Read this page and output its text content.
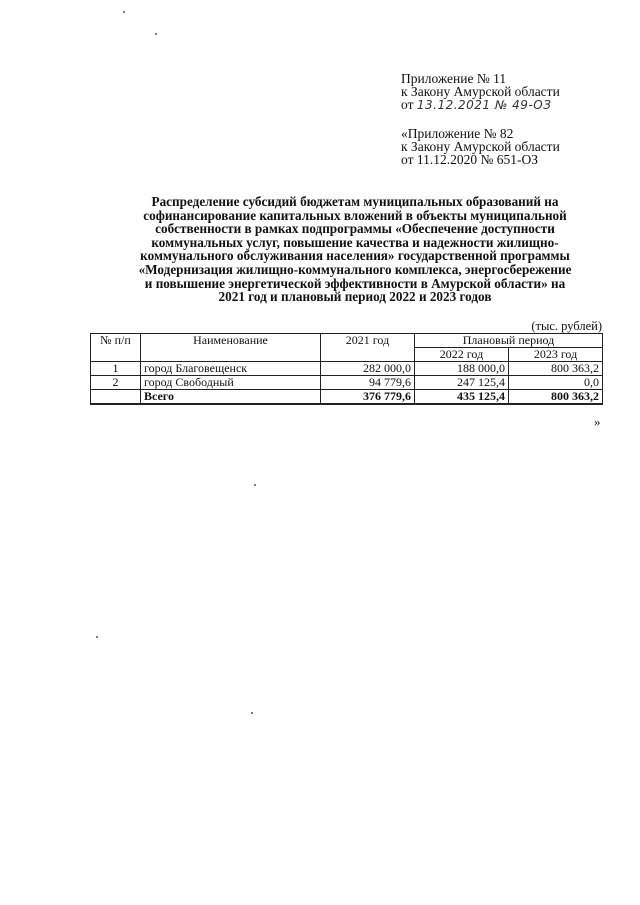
Приложение № 11
к Закону Амурской области
от 13.12.2021 № 49-ОЗ
«Приложение № 82
к Закону Амурской области
от 11.12.2020 № 651-ОЗ
Распределение субсидий бюджетам муниципальных образований на
софинансирование капитальных вложений в объекты муниципальной
собственности в рамках подпрограммы «Обеспечение доступности
коммунальных услуг, повышение качества и надежности жилищно-
коммунального обслуживания населения» государственной программы
«Модернизация жилищно-коммунального комплекса, энергосбережение
и повышение энергетической эффективности в Амурской области» на
2021 год и плановый период 2022 и 2023 годов
(тыс. рублей)
№ п/п	Наименование	2021 год	Плановый период	
			2022 год	2023 год
1	город Благовещенск	282 000,0	188 000,0	800 363,2
2	город Свободный	94 779,6	247 125,4	0,0
	Всего	376 779,6	435 125,4	800 363,2
»
